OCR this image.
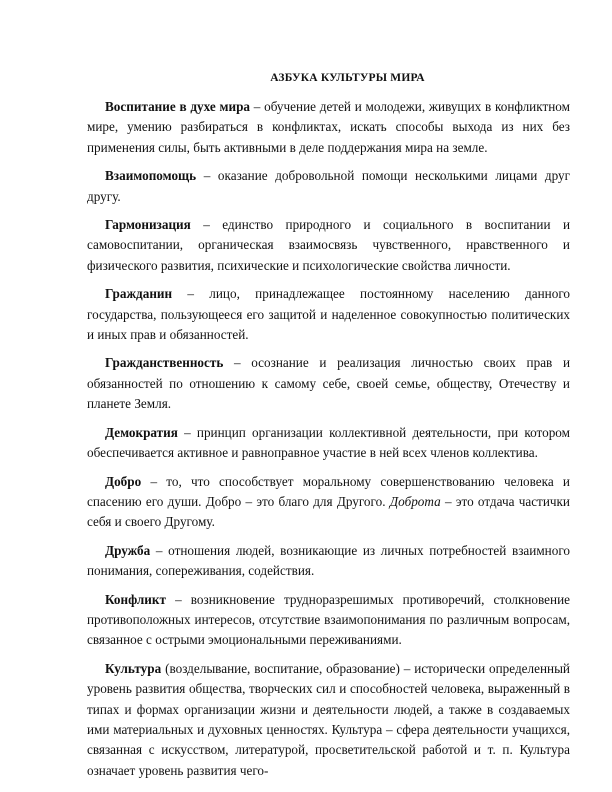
АЗБУКА КУЛЬТУРЫ МИРА

Воспитание в духе мира – обучение детей и молодежи, живущих в конфликтном мире, умению разбираться в конфликтах, искать способы выхода из них без применения силы, быть активными в деле поддержания мира на земле.

Взаимопомощь – оказание добровольной помощи несколькими лицами друг другу.

Гармонизация – единство природного и социального в воспитании и самовоспитании, органическая взаимосвязь чувственного, нравственного и физического развития, психические и психологические свойства личности.

Гражданин – лицо, принадлежащее постоянному населению данного государства, пользующееся его защитой и наделенное совокупностью политических и иных прав и обязанностей.

Гражданственность – осознание и реализация личностью своих прав и обязанностей по отношению к самому себе, своей семье, обществу, Отечеству и планете Земля.

Демократия – принцип организации коллективной деятельности, при котором обеспечивается активное и равноправное участие в ней всех членов коллектива.

Добро – то, что способствует моральному совершенствованию человека и спасению его души. Добро – это благо для Другого. Доброта – это отдача частички себя и своего Другому.

Дружба – отношения людей, возникающие из личных потребностей взаимного понимания, сопереживания, содействия.

Конфликт – возникновение трудноразрешимых противоречий, столкновение противоположных интересов, отсутствие взаимопонимания по различным вопросам, связанное с острыми эмоциональными переживаниями.

Культура (возделывание, воспитание, образование) – исторически определенный уровень развития общества, творческих сил и способностей человека, выраженный в типах и формах организации жизни и деятельности людей, а также в создаваемых ими материальных и духовных ценностях. Культура – сфера деятельности учащихся, связанная с искусством, литературой, просветительской работой и т. п. Культура означает уровень развития чего-
